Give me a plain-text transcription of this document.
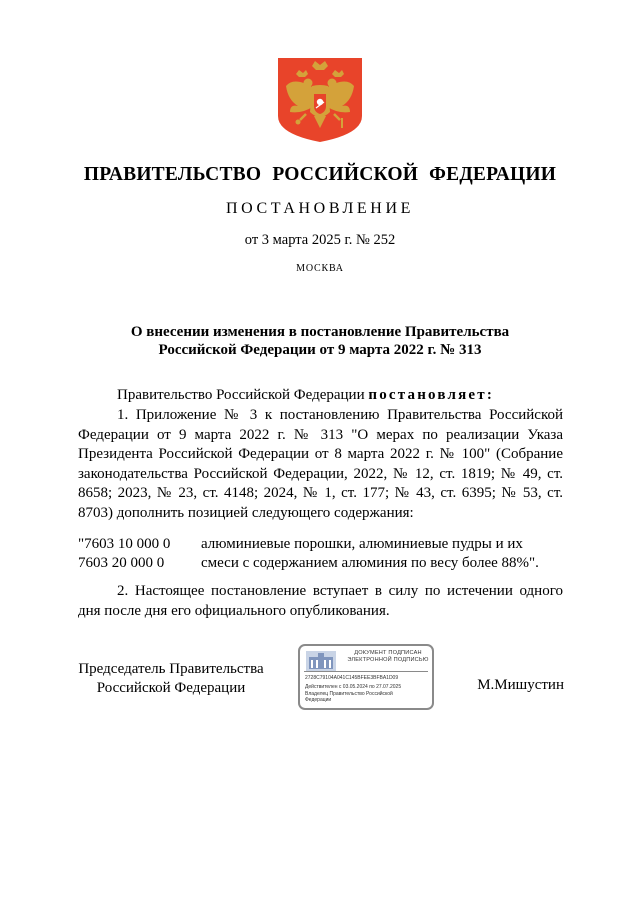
ПРАВИТЕЛЬСТВО РОССИЙСКОЙ ФЕДЕРАЦИИ
ПОСТАНОВЛЕНИЕ
от 3 марта 2025 г. № 252
МОСКВА
О внесении изменения в постановление Правительства
Российской Федерации от 9 марта 2022 г. № 313
Правительство Российской Федерации постановляет:
1. Приложение № 3 к постановлению Правительства Российской Федерации от 9 марта 2022 г. № 313 "О мерах по реализации Указа Президента Российской Федерации от 8 марта 2022 г. № 100" (Собрание законодательства Российской Федерации, 2022, № 12, ст. 1819; № 49, ст. 8658; 2023, № 23, ст. 4148; 2024, № 1, ст. 177; № 43, ст. 6395; № 53, ст. 8703) дополнить позицией следующего содержания:
"7603 10 000 0
7603 20 000 0
алюминиевые порошки, алюминиевые пудры и их смеси с содержанием алюминия по весу более 88%".
2. Настоящее постановление вступает в силу по истечении одного дня после дня его официального опубликования.
Председатель Правительства
Российской Федерации
ДОКУМЕНТ ПОДПИСАН
ЭЛЕКТРОННОЙ ПОДПИСЬЮ
2728C79104A041C145BFEE3BFBA1D09
Действителен с 03.05.2024 по 27.07.2025
Владелец Правительство Российской
Федерации
М.Мишустин
